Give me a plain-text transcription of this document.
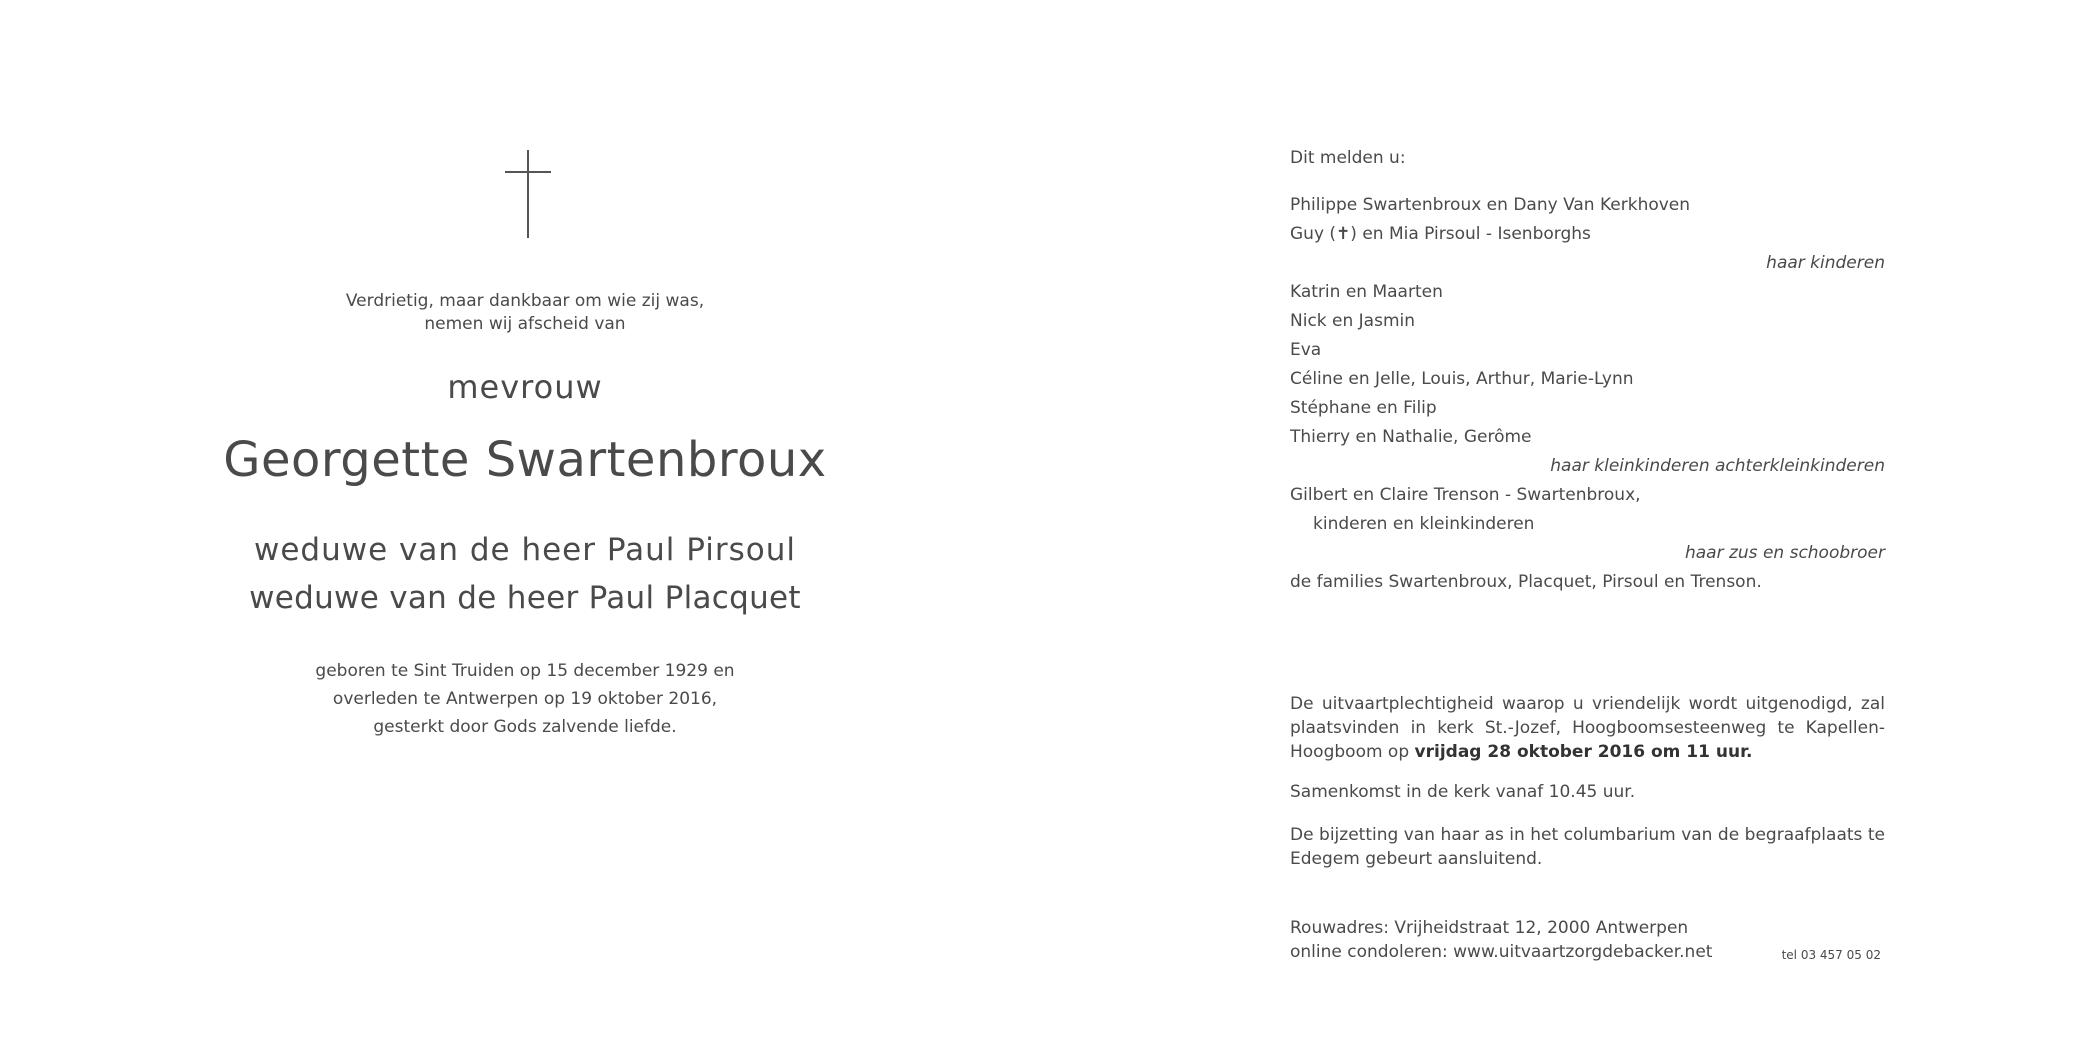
Verdrietig, maar dankbaar om wie zij was,
nemen wij afscheid van
mevrouw
Georgette Swartenbroux
weduwe van de heer Paul Pirsoul
weduwe van de heer Paul Placquet
geboren te Sint Truiden op 15 december 1929 en
overleden te Antwerpen op 19 oktober 2016,
gesterkt door Gods zalvende liefde.
Dit melden u:
Philippe Swartenbroux en Dany Van Kerkhoven
Guy (✝) en Mia Pirsoul - Isenborghs
haar kinderen
Katrin en Maarten
Nick en Jasmin
Eva
Céline en Jelle, Louis, Arthur, Marie-Lynn
Stéphane en Filip
Thierry en Nathalie, Gerôme
haar kleinkinderen achterkleinkinderen
Gilbert en Claire Trenson - Swartenbroux,
kinderen en kleinkinderen
haar zus en schoobroer
de families Swartenbroux, Placquet, Pirsoul en Trenson.
De uitvaartplechtigheid waarop u vriendelijk wordt uitgenodigd, zal plaatsvinden in kerk St.-Jozef, Hoogboomsesteenweg te Kapellen-Hoogboom op vrijdag 28 oktober 2016 om 11 uur.
Samenkomst in de kerk vanaf 10.45 uur.
De bijzetting van haar as in het columbarium van de begraafplaats te Edegem gebeurt aansluitend.
Rouwadres: Vrijheidstraat 12, 2000 Antwerpen
online condoleren: www.uitvaartzorgdebacker.net	tel 03 457 05 02
